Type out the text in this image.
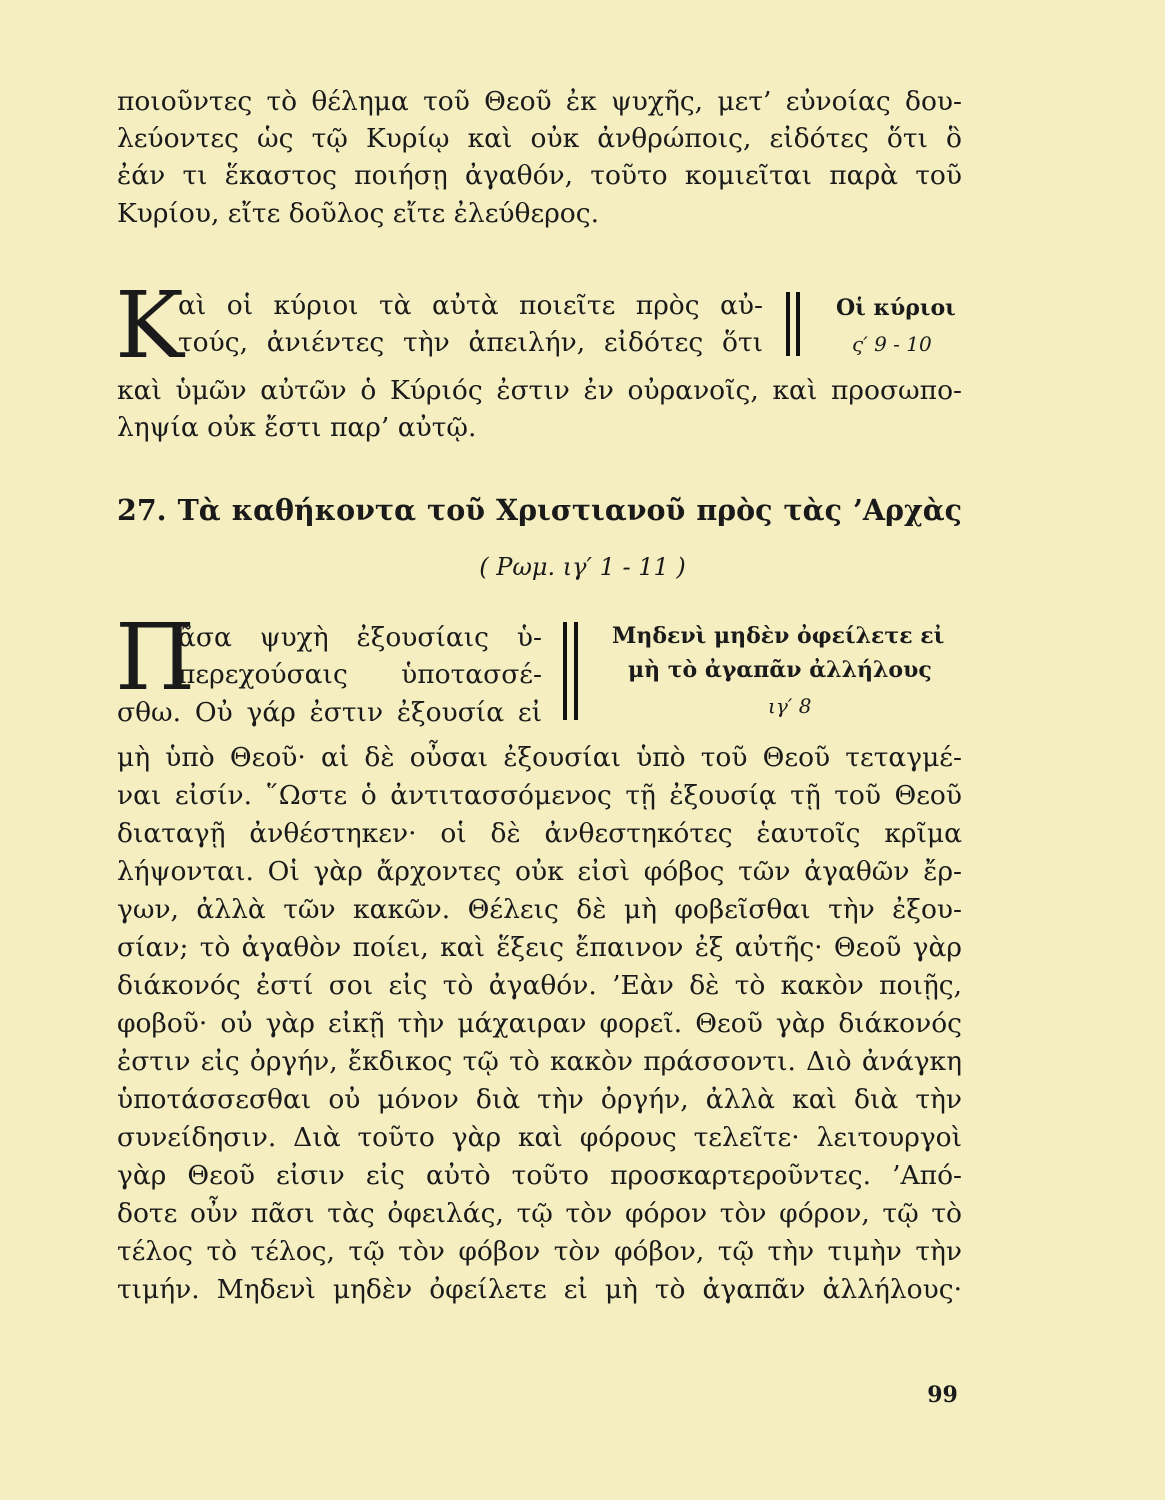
ποιοῦντες τὸ θέλημα τοῦ Θεοῦ ἐκ ψυχῆς, μετ’ εὐνοίας δου-
λεύοντες ὡς τῷ Κυρίῳ καὶ οὐκ ἀνθρώποις, εἰδότες ὅτι ὃ
ἐάν τι ἕκαστος ποιήσῃ ἀγαθόν, τοῦτο κομιεῖται παρὰ τοῦ
Κυρίου, εἴτε δοῦλος εἴτε ἐλεύθερος.
Κ
αὶ οἱ κύριοι τὰ αὐτὰ ποιεῖτε πρὸς αὐ-
τούς, ἀνιέντες τὴν ἀπειλήν, εἰδότες ὅτι
Οἱ κύριοι
ς′ 9 - 10
καὶ ὑμῶν αὐτῶν ὁ Κύριός ἐστιν ἐν οὐρανοῖς, καὶ προσωπο-
ληψία οὐκ ἔστι παρ’ αὐτῷ.
27. Τὰ καθήκοντα τοῦ Χριστιανοῦ πρὸς τὰς ’Αρχὰς
( Ρωμ. ιγ′ 1 - 11 )
Π
ᾶσα ψυχὴ ἐξουσίαις ὑ-
περεχούσαις ὑποτασσέ-
σθω. Οὐ γάρ ἐστιν ἐξουσία εἰ
Μηδενὶ μηδὲν ὀφείλετε εἰ
μὴ τὸ ἀγαπᾶν ἀλλήλους
ιγ′ 8
μὴ ὑπὸ Θεοῦ· αἱ δὲ οὖσαι ἐξουσίαι ὑπὸ τοῦ Θεοῦ τεταγμέ-
ναι εἰσίν. ῞Ωστε ὁ ἀντιτασσόμενος τῇ ἐξουσίᾳ τῇ τοῦ Θεοῦ
διαταγῇ ἀνθέστηκεν· οἱ δὲ ἀνθεστηκότες ἑαυτοῖς κρῖμα
λήψονται. Οἱ γὰρ ἄρχοντες οὐκ εἰσὶ φόβος τῶν ἀγαθῶν ἔρ-
γων, ἀλλὰ τῶν κακῶν. Θέλεις δὲ μὴ φοβεῖσθαι τὴν ἐξου-
σίαν; τὸ ἀγαθὸν ποίει, καὶ ἕξεις ἔπαινον ἐξ αὐτῆς· Θεοῦ γὰρ
διάκονός ἐστί σοι εἰς τὸ ἀγαθόν. ’Εὰν δὲ τὸ κακὸν ποιῇς,
φοβοῦ· οὐ γὰρ εἰκῇ τὴν μάχαιραν φορεῖ. Θεοῦ γὰρ διάκονός
ἐστιν εἰς ὀργήν, ἔκδικος τῷ τὸ κακὸν πράσσοντι. Διὸ ἀνάγκη
ὑποτάσσεσθαι οὐ μόνον διὰ τὴν ὀργήν, ἀλλὰ καὶ διὰ τὴν
συνείδησιν. Διὰ τοῦτο γὰρ καὶ φόρους τελεῖτε· λειτουργοὶ
γὰρ Θεοῦ εἰσιν εἰς αὐτὸ τοῦτο προσκαρτεροῦντες. ’Από-
δοτε οὖν πᾶσι τὰς ὀφειλάς, τῷ τὸν φόρον τὸν φόρον, τῷ τὸ
τέλος τὸ τέλος, τῷ τὸν φόβον τὸν φόβον, τῷ τὴν τιμὴν τὴν
τιμήν. Μηδενὶ μηδὲν ὀφείλετε εἰ μὴ τὸ ἀγαπᾶν ἀλλήλους·
99
